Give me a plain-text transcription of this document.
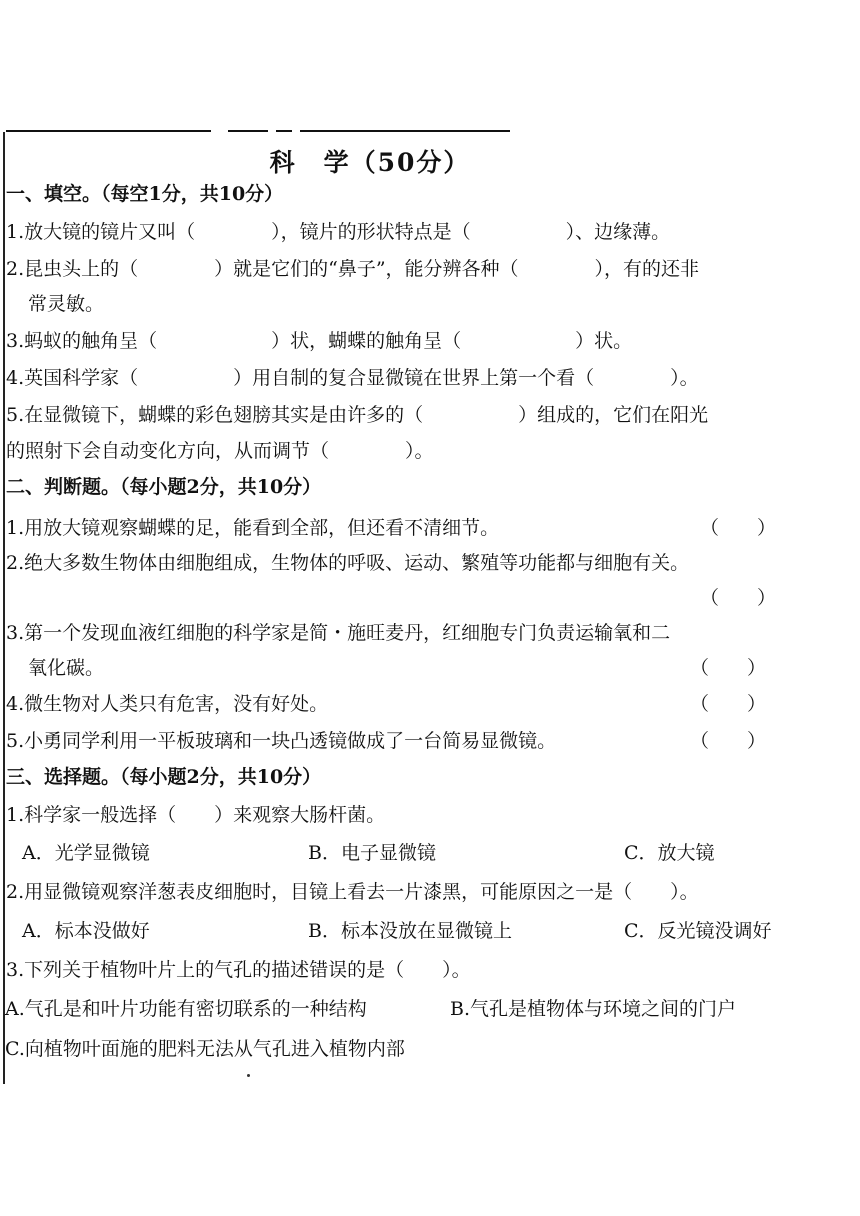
科　学（50分）
一、填空。（每空1分，共10分）
1.放大镜的镜片又叫（　　　　），镜片的形状特点是（　　　　　）、边缘薄。
2.昆虫头上的（　　　　）就是它们的“鼻子”，能分辨各种（　　　　），有的还非
常灵敏。
3.蚂蚁的触角呈（　　　　　　）状，蝴蝶的触角呈（　　　　　　）状。
4.英国科学家（　　　　　）用自制的复合显微镜在世界上第一个看（　　　　）。
5.在显微镜下，蝴蝶的彩色翅膀其实是由许多的（　　　　　）组成的，它们在阳光
的照射下会自动变化方向，从而调节（　　　　）。
二、判断题。（每小题2分，共10分）
1.用放大镜观察蝴蝶的足，能看到全部，但还看不清细节。	（　　）
2.绝大多数生物体由细胞组成，生物体的呼吸、运动、繁殖等功能都与细胞有关。
（　　）
3.第一个发现血液红细胞的科学家是简・施旺麦丹，红细胞专门负责运输氧和二
氧化碳。	（　　）
4.微生物对人类只有危害，没有好处。	（　　）
5.小勇同学利用一平板玻璃和一块凸透镜做成了一台简易显微镜。	（　　）
三、选择题。（每小题2分，共10分）
1.科学家一般选择（　　）来观察大肠杆菌。
A．光学显微镜	B．电子显微镜	C．放大镜
2.用显微镜观察洋葱表皮细胞时，目镜上看去一片漆黑，可能原因之一是（　　）。
A．标本没做好	B．标本没放在显微镜上	C．反光镜没调好
3.下列关于植物叶片上的气孔的描述错误的是（　　）。
A.气孔是和叶片功能有密切联系的一种结构	B.气孔是植物体与环境之间的门户
C.向植物叶面施的肥料无法从气孔进入植物内部
